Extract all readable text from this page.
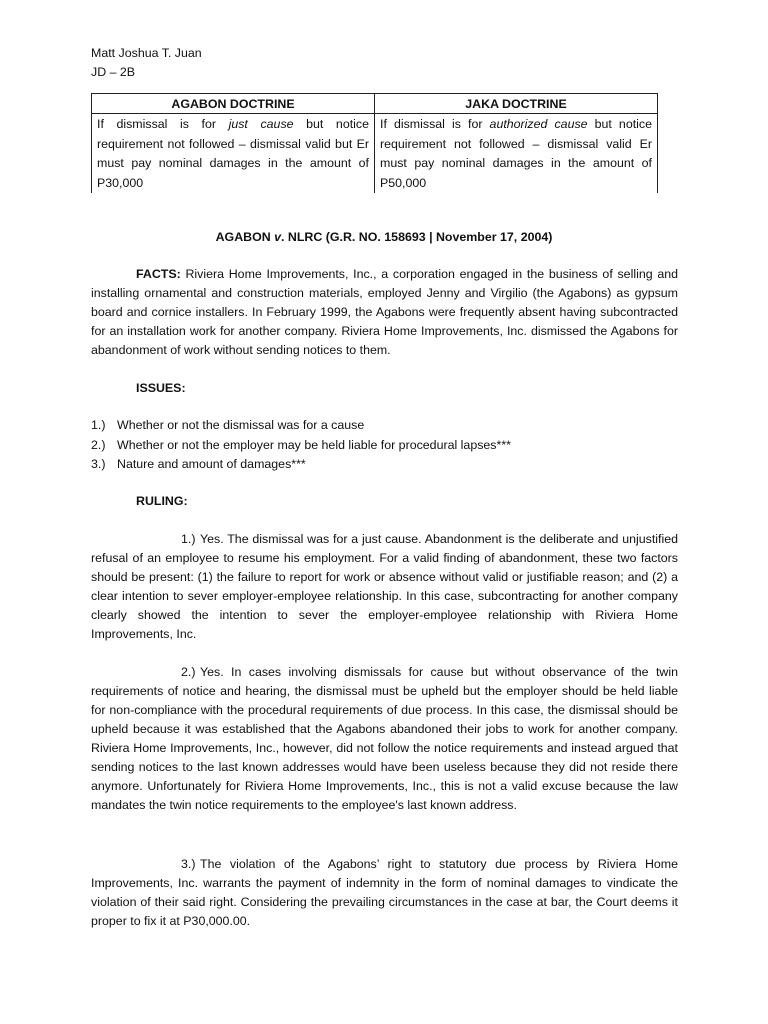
Matt Joshua T. Juan
JD – 2B
AGABON DOCTRINE	JAKA DOCTRINE
If dismissal is for just cause but notice requirement not followed – dismissal valid but Er must pay nominal damages in the amount of P30,000	If dismissal is for authorized cause but notice requirement not followed – dismissal valid Er must pay nominal damages in the amount of P50,000
AGABON v. NLRC (G.R. NO. 158693 | November 17, 2004)

FACTS: Riviera Home Improvements, Inc., a corporation engaged in the business of selling and installing ornamental and construction materials, employed Jenny and Virgilio (the Agabons) as gypsum board and cornice installers. In February 1999, the Agabons were frequently absent having subcontracted for an installation work for another company. Riviera Home Improvements, Inc. dismissed the Agabons for abandonment of work without sending notices to them.

ISSUES:
1.) Whether or not the dismissal was for a cause
2.) Whether or not the employer may be held liable for procedural lapses***
3.) Nature and amount of damages***
RULING:

1.) Yes. The dismissal was for a just cause. Abandonment is the deliberate and unjustified refusal of an employee to resume his employment. For a valid finding of abandonment, these two factors should be present: (1) the failure to report for work or absence without valid or justifiable reason; and (2) a clear intention to sever employer-employee relationship. In this case, subcontracting for another company clearly showed the intention to sever the employer-employee relationship with Riviera Home Improvements, Inc.

2.) Yes. In cases involving dismissals for cause but without observance of the twin requirements of notice and hearing, the dismissal must be upheld but the employer should be held liable for non-compliance with the procedural requirements of due process. In this case, the dismissal should be upheld because it was established that the Agabons abandoned their jobs to work for another company. Riviera Home Improvements, Inc., however, did not follow the notice requirements and instead argued that sending notices to the last known addresses would have been useless because they did not reside there anymore. Unfortunately for Riviera Home Improvements, Inc., this is not a valid excuse because the law mandates the twin notice requirements to the employee's last known address.

3.) The violation of the Agabons’ right to statutory due process by Riviera Home Improvements, Inc. warrants the payment of indemnity in the form of nominal damages to vindicate the violation of their said right. Considering the prevailing circumstances in the case at bar, the Court deems it proper to fix it at P30,000.00.
